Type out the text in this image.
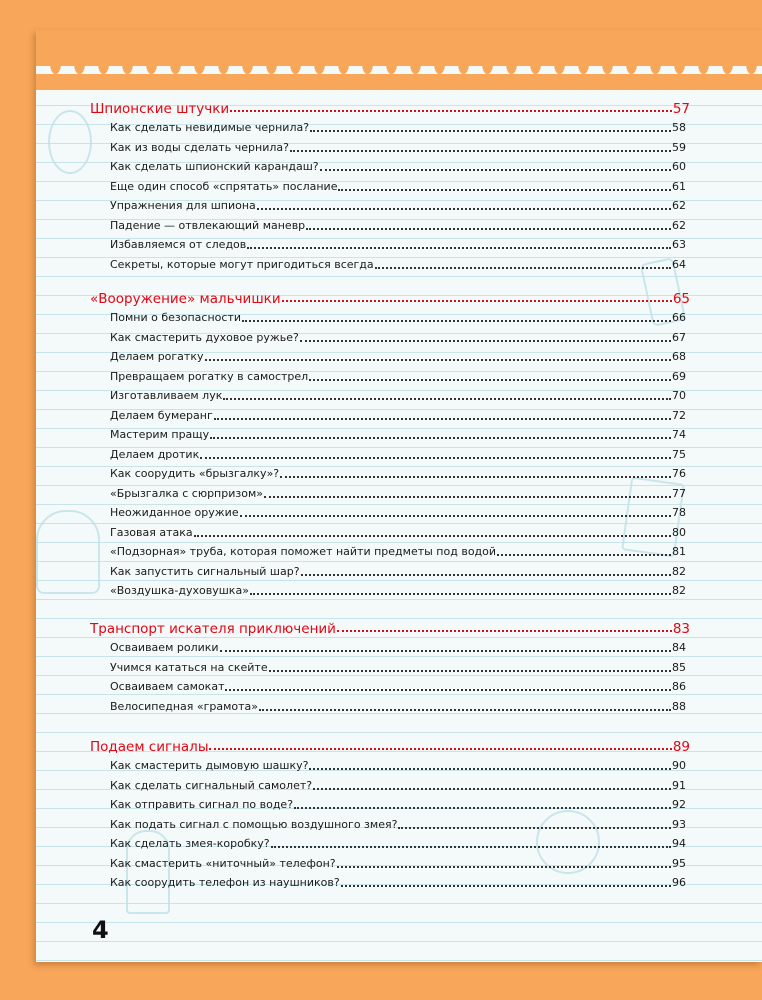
Шпионские штучки	57
Как сделать невидимые чернила?	58
Как из воды сделать чернила?	59
Как сделать шпионский карандаш?	60
Еще один способ «спрятать» послание	61
Упражнения для шпиона	62
Падение — отвлекающий маневр	62
Избавляемся от следов	63
Секреты, которые могут пригодиться всегда	64
«Вооружение» мальчишки	65
Помни о безопасности	66
Как смастерить духовое ружье?	67
Делаем рогатку	68
Превращаем рогатку в самострел	69
Изготавливаем лук	70
Делаем бумеранг	72
Мастерим пращу	74
Делаем дротик	75
Как соорудить «брызгалку»?	76
«Брызгалка с сюрпризом»	77
Неожиданное оружие	78
Газовая атака	80
«Подзорная» труба, которая поможет найти предметы под водой	81
Как запустить сигнальный шар?	82
«Воздушка-духовушка»	82
Транспорт искателя приключений	83
Осваиваем ролики	84
Учимся кататься на скейте	85
Осваиваем самокат	86
Велосипедная «грамота»	88
Подаем сигналы	89
Как смастерить дымовую шашку?	90
Как сделать сигнальный самолет?	91
Как отправить сигнал по воде?	92
Как подать сигнал с помощью воздушного змея?	93
Как сделать змея-коробку?	94
Как смастерить «ниточный» телефон?	95
Как соорудить телефон из наушников?	96
4
